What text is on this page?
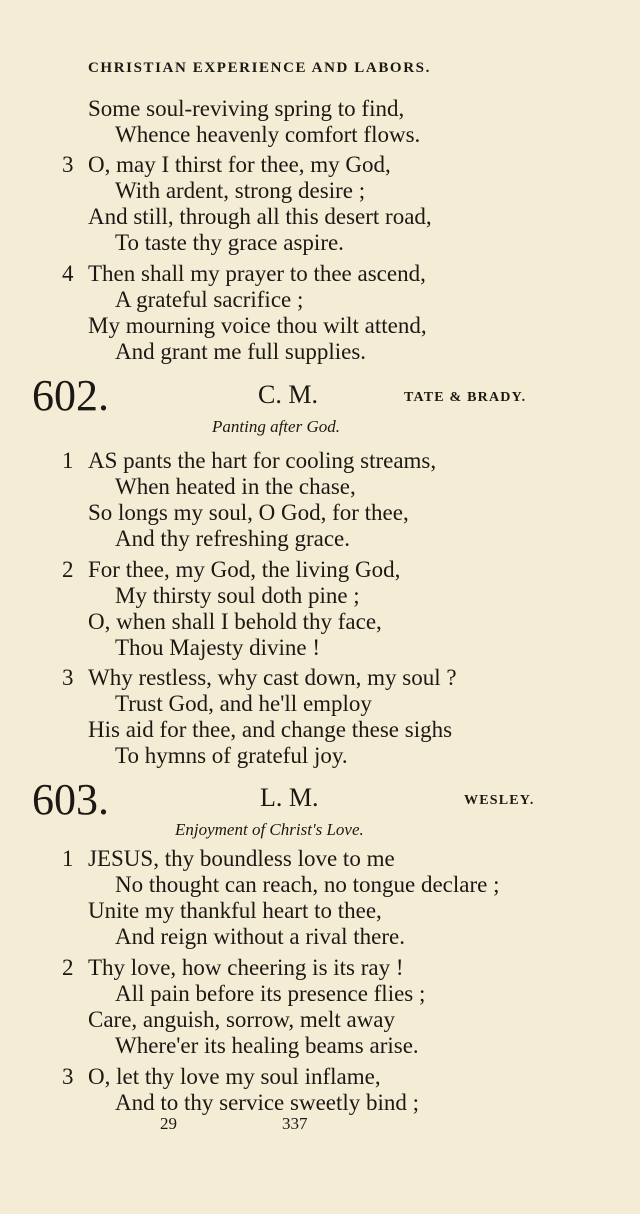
CHRISTIAN EXPERIENCE AND LABORS.
Some soul-reviving spring to find,
Whence heavenly comfort flows.
3 O, may I thirst for thee, my God,
With ardent, strong desire ;
And still, through all this desert road,
To taste thy grace aspire.
4 Then shall my prayer to thee ascend,
A grateful sacrifice ;
My mourning voice thou wilt attend,
And grant me full supplies.
602.	C. M.	TATE & BRADY.
Panting after God.
1 AS pants the hart for cooling streams,
When heated in the chase,
So longs my soul, O God, for thee,
And thy refreshing grace.
2 For thee, my God, the living God,
My thirsty soul doth pine ;
O, when shall I behold thy face,
Thou Majesty divine !
3 Why restless, why cast down, my soul ?
Trust God, and he'll employ
His aid for thee, and change these sighs
To hymns of grateful joy.
603.	L. M.	WESLEY.
Enjoyment of Christ's Love.
1 JESUS, thy boundless love to me
No thought can reach, no tongue declare ;
Unite my thankful heart to thee,
And reign without a rival there.
2 Thy love, how cheering is its ray !
All pain before its presence flies ;
Care, anguish, sorrow, melt away
Where'er its healing beams arise.
3 O, let thy love my soul inflame,
And to thy service sweetly bind ;
29	337
